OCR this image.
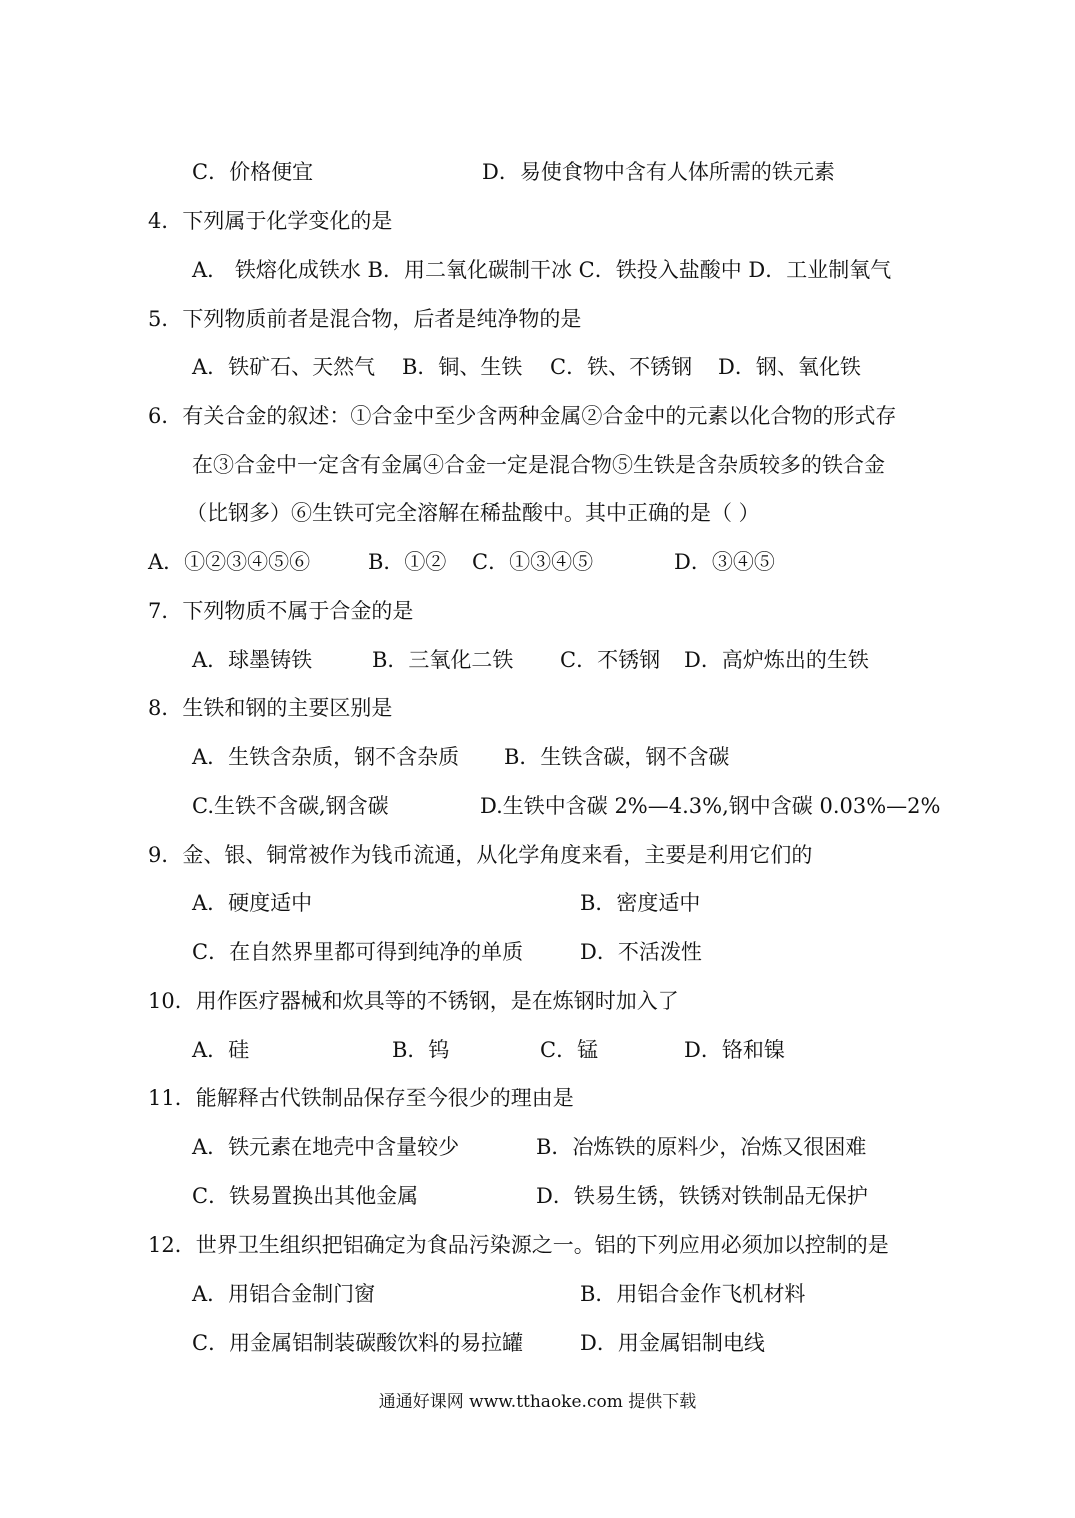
C．价格便宜	D．易使食物中含有人体所需的铁元素
4．下列属于化学变化的是
A． 铁熔化成铁水 B．用二氧化碳制干冰 C．铁投入盐酸中 D．工业制氧气
5．下列物质前者是混合物，后者是纯净物的是
A．铁矿石、天然气 B．铜、生铁 C．铁、不锈钢 D．钢、氧化铁
6．有关合金的叙述：①合金中至少含两种金属②合金中的元素以化合物的形式存
在③合金中一定含有金属④合金一定是混合物⑤生铁是含杂质较多的铁合金
（比钢多）⑥生铁可完全溶解在稀盐酸中。其中正确的是（ ）
A．①②③④⑤⑥	B．①② C．①③④⑤	D．③④⑤
7．下列物质不属于合金的是
A．球墨铸铁	B．三氧化二铁 C．不锈钢 D．高炉炼出的生铁
8．生铁和钢的主要区别是
A．生铁含杂质，钢不含杂质 B．生铁含碳，钢不含碳
C.生铁不含碳,钢含碳	D.生铁中含碳 2%—4.3%,钢中含碳 0.03%—2%
9．金、银、铜常被作为钱币流通，从化学角度来看，主要是利用它们的
A．硬度适中	B．密度适中
C．在自然界里都可得到纯净的单质	D．不活泼性
10．用作医疗器械和炊具等的不锈钢，是在炼钢时加入了
A．硅	B．钨	C．锰	D．铬和镍
11．能解释古代铁制品保存至今很少的理由是
A．铁元素在地壳中含量较少	B．冶炼铁的原料少，冶炼又很困难
C．铁易置换出其他金属	D．铁易生锈，铁锈对铁制品无保护
12．世界卫生组织把铝确定为食品污染源之一。铝的下列应用必须加以控制的是
A．用铝合金制门窗	B．用铝合金作飞机材料
C．用金属铝制装碳酸饮料的易拉罐	D．用金属铝制电线
通通好课网 www.tthaoke.com 提供下载
